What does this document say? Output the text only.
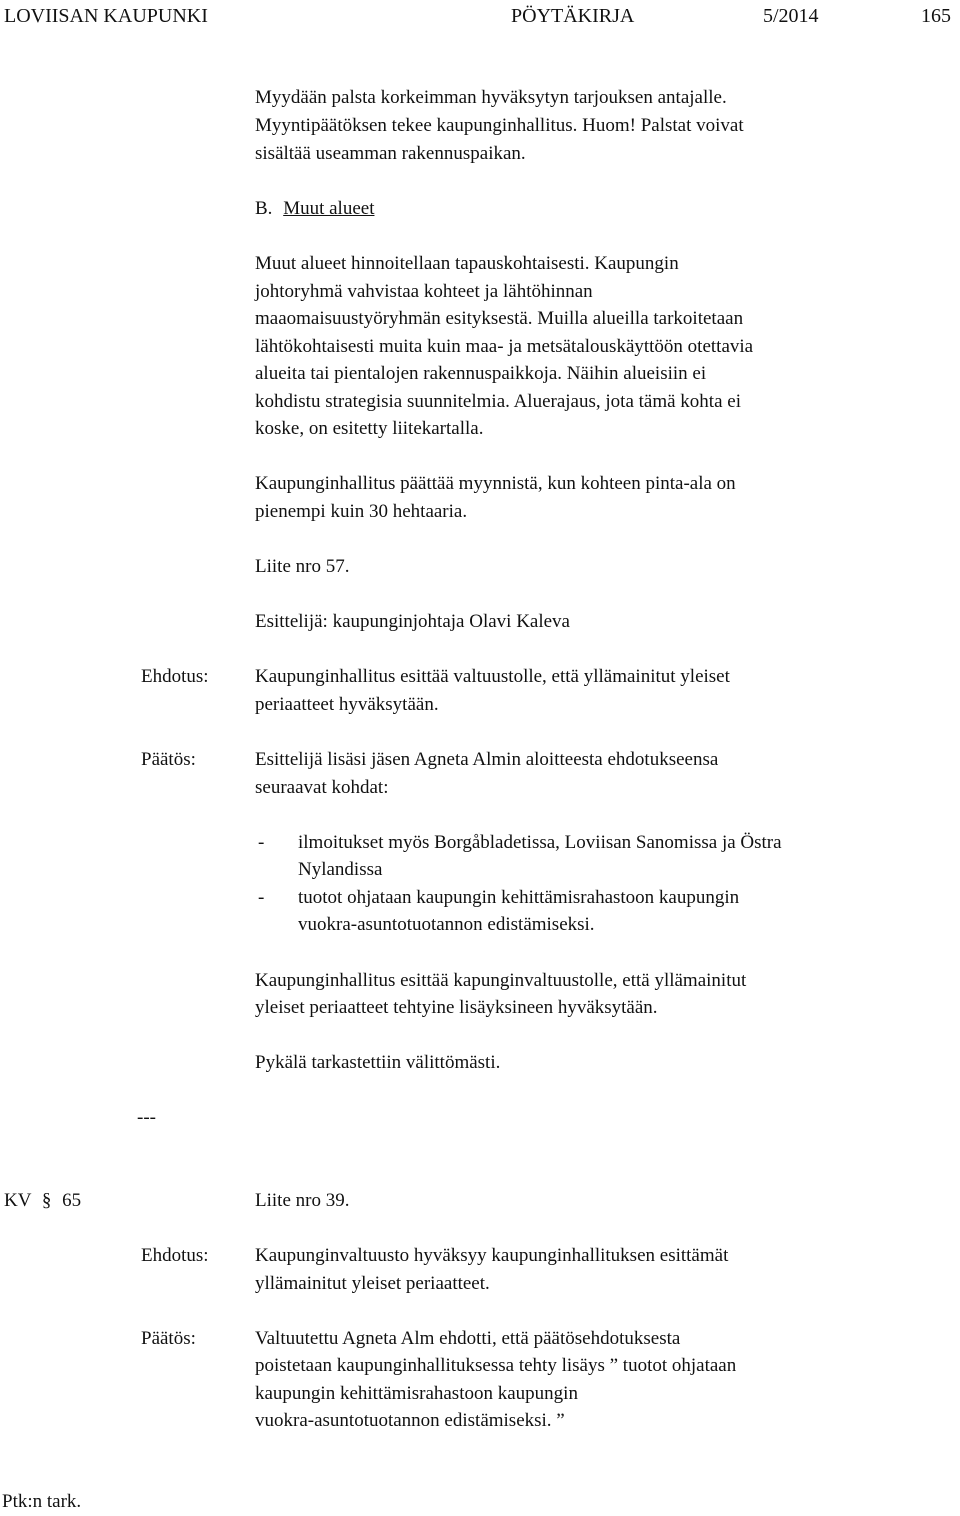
LOVIISAN KAUPUNKI	PÖYTÄKIRJA	5/2014	165
Myydään palsta korkeimman hyväksytyn tarjouksen antajalle.
Myyntipäätöksen tekee kaupunginhallitus. Huom! Palstat voivat
sisältää useamman rakennuspaikan.
B. Muut alueet
Muut alueet hinnoitellaan tapauskohtaisesti. Kaupungin
johtoryhmä vahvistaa kohteet ja lähtöhinnan
maaomaisuustyöryhmän esityksestä. Muilla alueilla tarkoitetaan
lähtökohtaisesti muita kuin maa- ja metsätalouskäyttöön otettavia
alueita tai pientalojen rakennuspaikkoja. Näihin alueisiin ei
kohdistu strategisia suunnitelmia. Aluerajaus, jota tämä kohta ei
koske, on esitetty liitekartalla.
Kaupunginhallitus päättää myynnistä, kun kohteen pinta-ala on
pienempi kuin 30 hehtaaria.
Liite nro 57.
Esittelijä: kaupunginjohtaja Olavi Kaleva
Ehdotus: Kaupunginhallitus esittää valtuustolle, että yllämainitut yleiset
periaatteet hyväksytään.
Päätös:	Esittelijä lisäsi jäsen Agneta Almin aloitteesta ehdotukseensa
seuraavat kohdat:
- ilmoitukset myös Borgåbladetissa, Loviisan Sanomissa ja Östra
Nylandissa
- tuotot ohjataan kaupungin kehittämisrahastoon kaupungin
vuokra-asuntotuotannon edistämiseksi.
Kaupunginhallitus esittää kapunginvaltuustolle, että yllämainitut
yleiset periaatteet tehtyine lisäyksineen hyväksytään.
Pykälä tarkastettiin välittömästi.
---
KV § 65	Liite nro 39.
Ehdotus: Kaupunginvaltuusto hyväksyy kaupunginhallituksen esittämät
yllämainitut yleiset periaatteet.
Päätös:	Valtuutettu Agneta Alm ehdotti, että päätösehdotuksesta
poistetaan kaupunginhallituksessa tehty lisäys ” tuotot ohjataan
kaupungin kehittämisrahastoon kaupungin
vuokra-asuntotuotannon edistämiseksi. ”
Ptk:n tark.
